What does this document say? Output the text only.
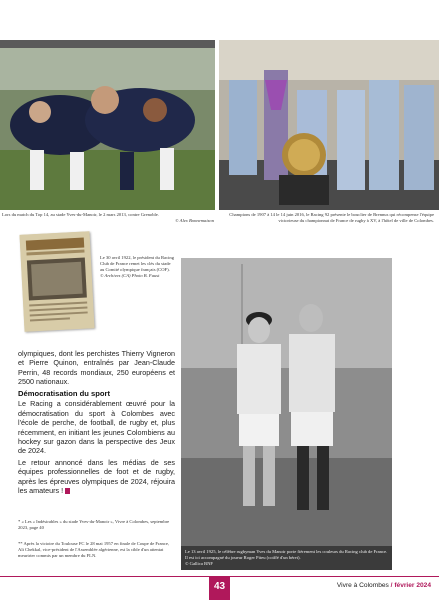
Lors du match du Top 14, au stade Yves-du-Manoir, le 2 mars 2013, contre Grenoble.
© Alex Bonnemaison
Champions de 1907 à 14 le 14 juin 2016, le Racing 92 présente le bouclier de Brennus qui récompense l'équipe victorieuse du championnat de France de rugby à XV, à l'hôtel de ville de Colombes.
Le 30 avril 1922, le président du Racing Club de France remet les clés du stade au Comité olympique français (COF).
© Archives (CA) Photo B. Faust
Le 13 avril 1925, le célèbre rugbyman Yves du Manoir porte fièrement les couleurs du Racing club de France. Il est ici accompagné du joueur Roger Piteu (coiffé d'un béret).
© Gallica BNF

olympiques, dont les perchistes Thierry Vigneron et Pierre Quinon, entraînés par Jean-Claude Perrin, 48 records mondiaux, 250 européens et 2500 nationaux.

Démocratisation du sport

Le Racing a considérablement œuvré pour la démocratisation du sport à Colombes avec l'école de perche, de football, de rugby et, plus récemment, en initiant les jeunes Colombiens au hockey sur gazon dans la perspective des Jeux de 2024.

Le retour annoncé dans les médias de ses équipes professionnelles de foot et de rugby, après les épreuves olympiques de 2024, réjouira les amateurs !

* « Les « Indésirables » du stade Yves-du-Manoir », Vivre à Colombes, septembre 2023, page 40
** Après la victoire du Toulouse FC le 28 mai 1957 en finale de Coupe de France, Ali Chekkal, vice-président de l'Assemblée algérienne, est la cible d'un attentat meurtrier commis par un membre du FLN.
43	Vivre à Colombes / février 2024
